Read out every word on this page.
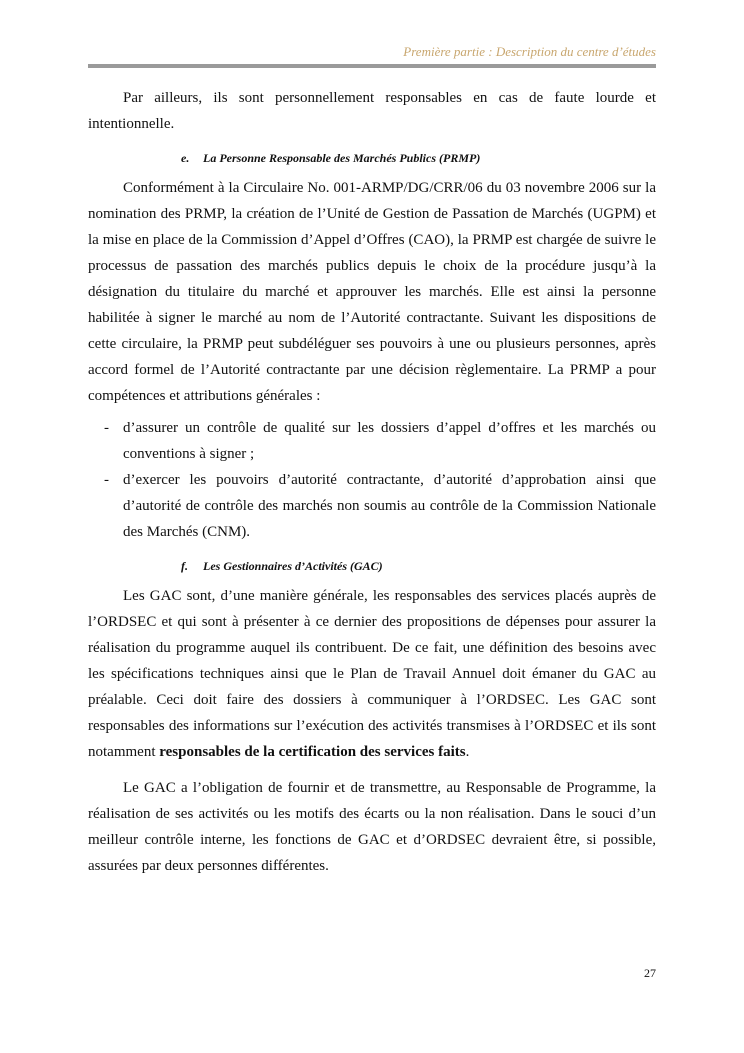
Première partie : Description du centre d’études

Par ailleurs, ils sont personnellement responsables en cas de faute lourde et intentionnelle.

e. La Personne Responsable des Marchés Publics (PRMP)

Conformément à la Circulaire No. 001-ARMP/DG/CRR/06 du 03 novembre 2006 sur la nomination des PRMP, la création de l’Unité de Gestion de Passation de Marchés (UGPM) et la mise en place de la Commission d’Appel d’Offres (CAO), la PRMP est chargée de suivre le processus de passation des marchés publics depuis le choix de la procédure jusqu’à la désignation du titulaire du marché et approuver les marchés. Elle est ainsi la personne habilitée à signer le marché au nom de l’Autorité contractante. Suivant les dispositions de cette circulaire, la PRMP peut subdéléguer ses pouvoirs à une ou plusieurs personnes, après accord formel de l’Autorité contractante par une décision règlementaire. La PRMP a pour compétences et attributions générales :

- d’assurer un contrôle de qualité sur les dossiers d’appel d’offres et les marchés ou conventions à signer ;
- d’exercer les pouvoirs d’autorité contractante, d’autorité d’approbation ainsi que d’autorité de contrôle des marchés non soumis au contrôle de la Commission Nationale des Marchés (CNM).
f. Les Gestionnaires d’Activités (GAC)

Les GAC sont, d’une manière générale, les responsables des services placés auprès de l’ORDSEC et qui sont à présenter à ce dernier des propositions de dépenses pour assurer la réalisation du programme auquel ils contribuent. De ce fait, une définition des besoins avec les spécifications techniques ainsi que le Plan de Travail Annuel doit émaner du GAC au préalable. Ceci doit faire des dossiers à communiquer à l’ORDSEC. Les GAC sont responsables des informations sur l’exécution des activités transmises à l’ORDSEC et ils sont notamment responsables de la certification des services faits.

Le GAC a l’obligation de fournir et de transmettre, au Responsable de Programme, la réalisation de ses activités ou les motifs des écarts ou la non réalisation. Dans le souci d’un meilleur contrôle interne, les fonctions de GAC et d’ORDSEC devraient être, si possible, assurées par deux personnes différentes.

27
